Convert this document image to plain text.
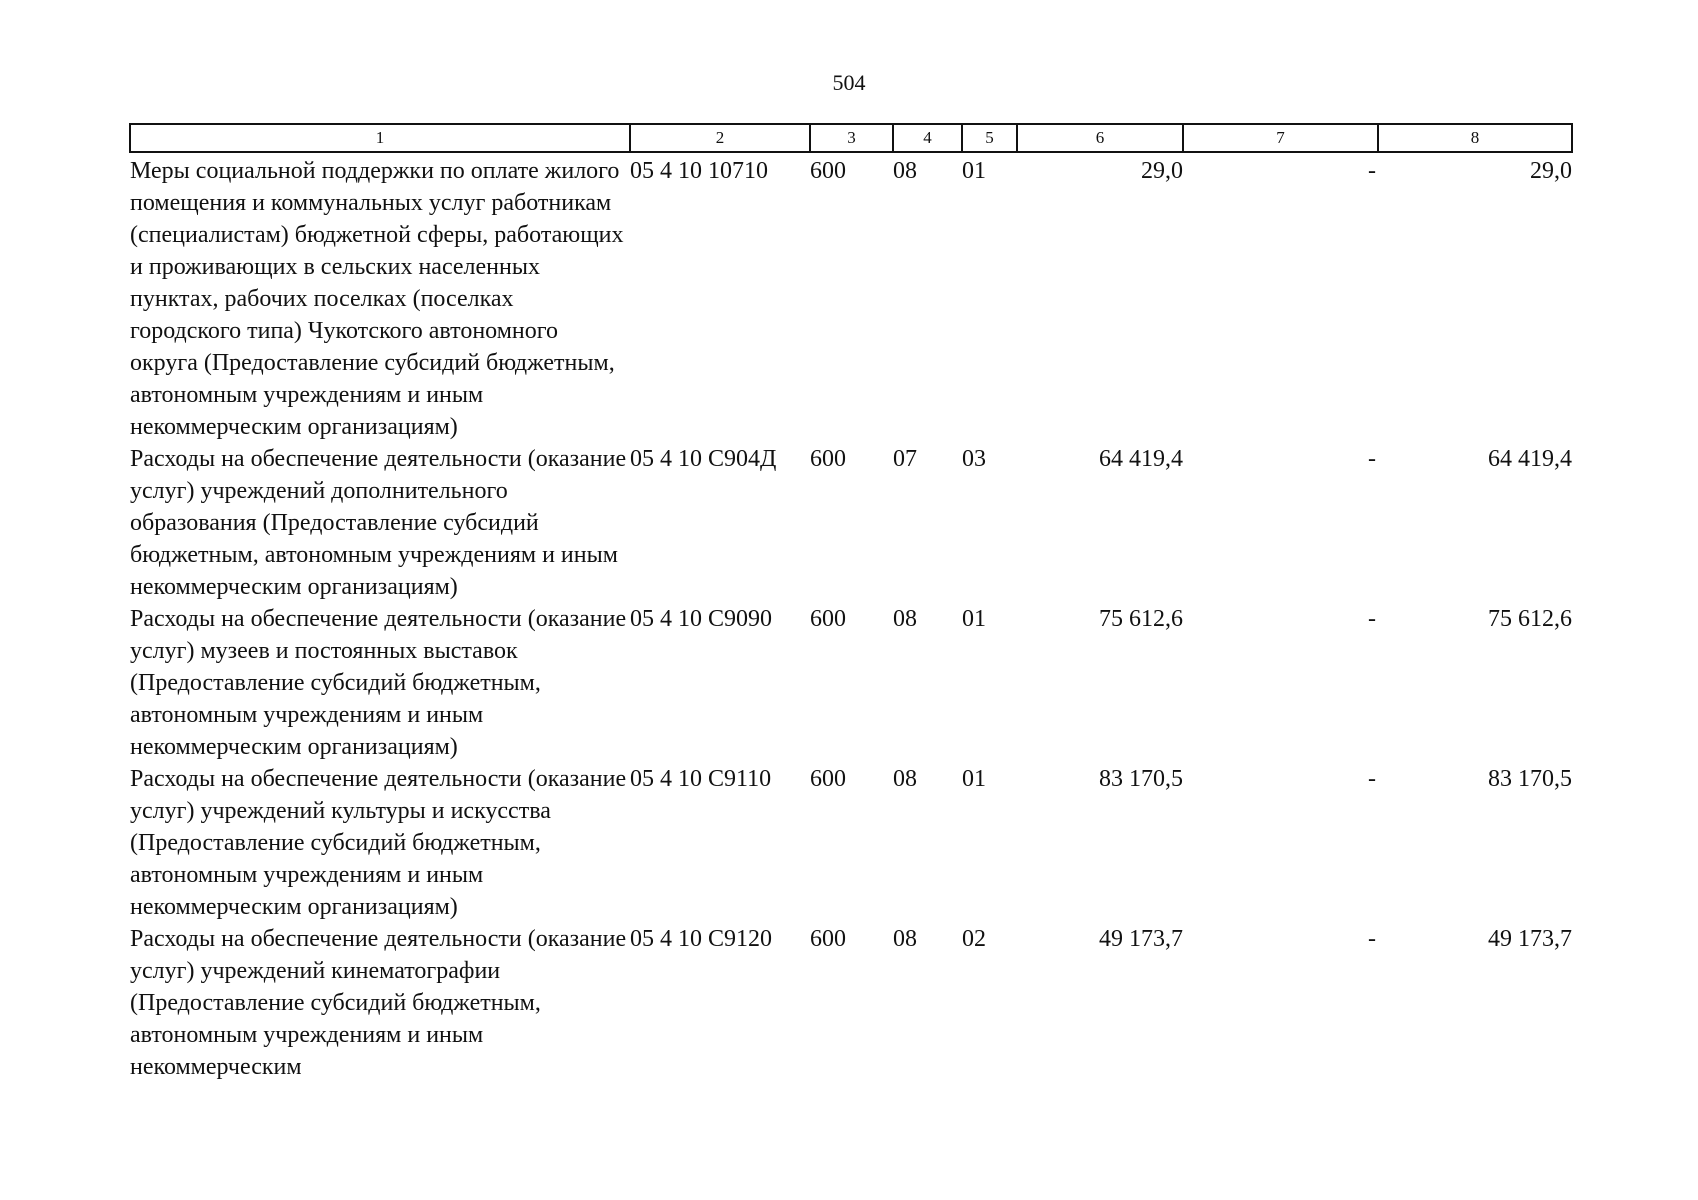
504
1	2	3	4	5	6	7	8
Меры социальной поддержки по оплате жилого помещения и коммунальных услуг работникам (специалистам) бюджетной сферы, работающих и проживающих в сельских населенных пунктах, рабочих поселках (поселках городского типа) Чукотского автономного округа (Предоставление субсидий бюджетным, автономным учреждениям и иным некоммерческим организациям)	05 4 10 10710	600	08	01	29,0	-	29,0
Расходы на обеспечение деятельности (оказание услуг) учреждений дополнительного образования (Предоставление субсидий бюджетным, автономным учреждениям и иным некоммерческим организациям)	05 4 10 С904Д	600	07	03	64 419,4	-	64 419,4
Расходы на обеспечение деятельности (оказание услуг) музеев и постоянных выставок (Предоставление субсидий бюджетным, автономным учреждениям и иным некоммерческим организациям)	05 4 10 С9090	600	08	01	75 612,6	-	75 612,6
Расходы на обеспечение деятельности (оказание услуг) учреждений культуры и искусства (Предоставление субсидий бюджетным, автономным учреждениям и иным некоммерческим организациям)	05 4 10 С9110	600	08	01	83 170,5	-	83 170,5
Расходы на обеспечение деятельности (оказание услуг) учреждений кинематографии (Предоставление субсидий бюджетным, автономным учреждениям и иным некоммерческим	05 4 10 С9120	600	08	02	49 173,7	-	49 173,7
